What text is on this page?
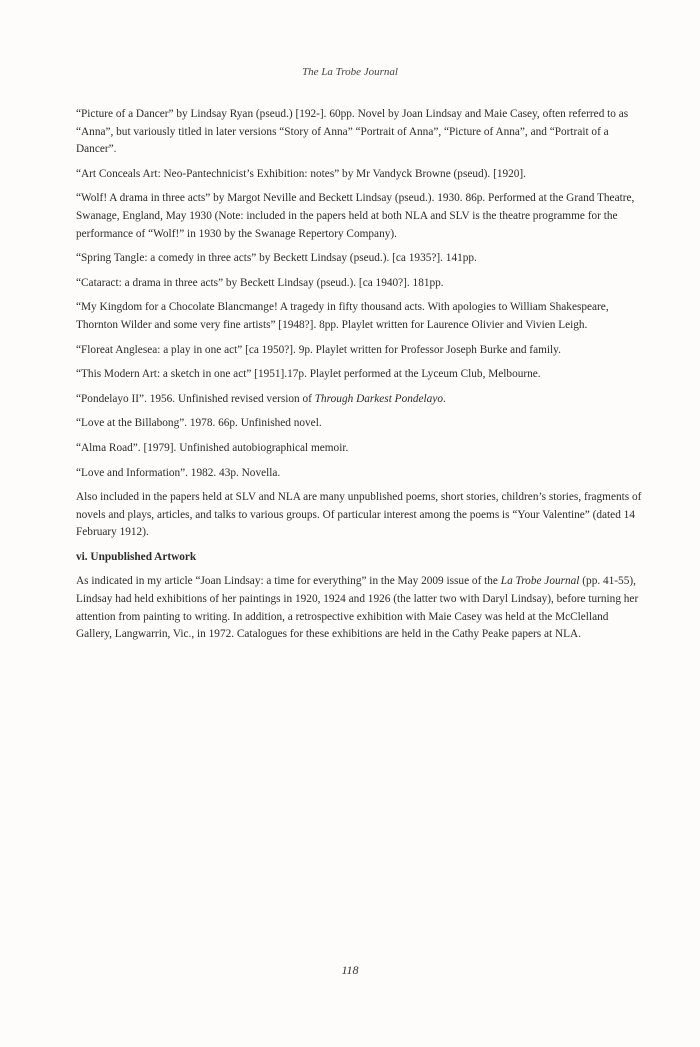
The La Trobe Journal

“Picture of a Dancer” by Lindsay Ryan (pseud.) [192-]. 60pp. Novel by Joan Lindsay and Maie Casey, often referred to as “Anna”, but variously titled in later versions “Story of Anna” “Portrait of Anna”, “Picture of Anna”, and “Portrait of a Dancer”.

“Art Conceals Art: Neo-Pantechnicist’s Exhibition: notes” by Mr Vandyck Browne (pseud). [1920].

“Wolf! A drama in three acts” by Margot Neville and Beckett Lindsay (pseud.). 1930. 86p. Performed at the Grand Theatre, Swanage, England, May 1930 (Note: included in the papers held at both NLA and SLV is the theatre programme for the performance of “Wolf!” in 1930 by the Swanage Repertory Company).

“Spring Tangle: a comedy in three acts” by Beckett Lindsay (pseud.). [ca 1935?]. 141pp.

“Cataract: a drama in three acts” by Beckett Lindsay (pseud.). [ca 1940?]. 181pp.

“My Kingdom for a Chocolate Blancmange! A tragedy in fifty thousand acts. With apologies to William Shakespeare, Thornton Wilder and some very fine artists” [1948?]. 8pp. Playlet written for Laurence Olivier and Vivien Leigh.

“Floreat Anglesea: a play in one act” [ca 1950?]. 9p. Playlet written for Professor Joseph Burke and family.

“This Modern Art: a sketch in one act” [1951].17p. Playlet performed at the Lyceum Club, Melbourne.

“Pondelayo II”. 1956. Unfinished revised version of Through Darkest Pondelayo.

“Love at the Billabong”. 1978. 66p. Unfinished novel.

“Alma Road”. [1979]. Unfinished autobiographical memoir.

“Love and Information”. 1982. 43p. Novella.

Also included in the papers held at SLV and NLA are many unpublished poems, short stories, children’s stories, fragments of novels and plays, articles, and talks to various groups. Of particular interest among the poems is “Your Valentine” (dated 14 February 1912).

vi. Unpublished Artwork

As indicated in my article “Joan Lindsay: a time for everything” in the May 2009 issue of the La Trobe Journal (pp. 41-55), Lindsay had held exhibitions of her paintings in 1920, 1924 and 1926 (the latter two with Daryl Lindsay), before turning her attention from painting to writing. In addition, a retrospective exhibition with Maie Casey was held at the McClelland Gallery, Langwarrin, Vic., in 1972. Catalogues for these exhibitions are held in the Cathy Peake papers at NLA.

118
